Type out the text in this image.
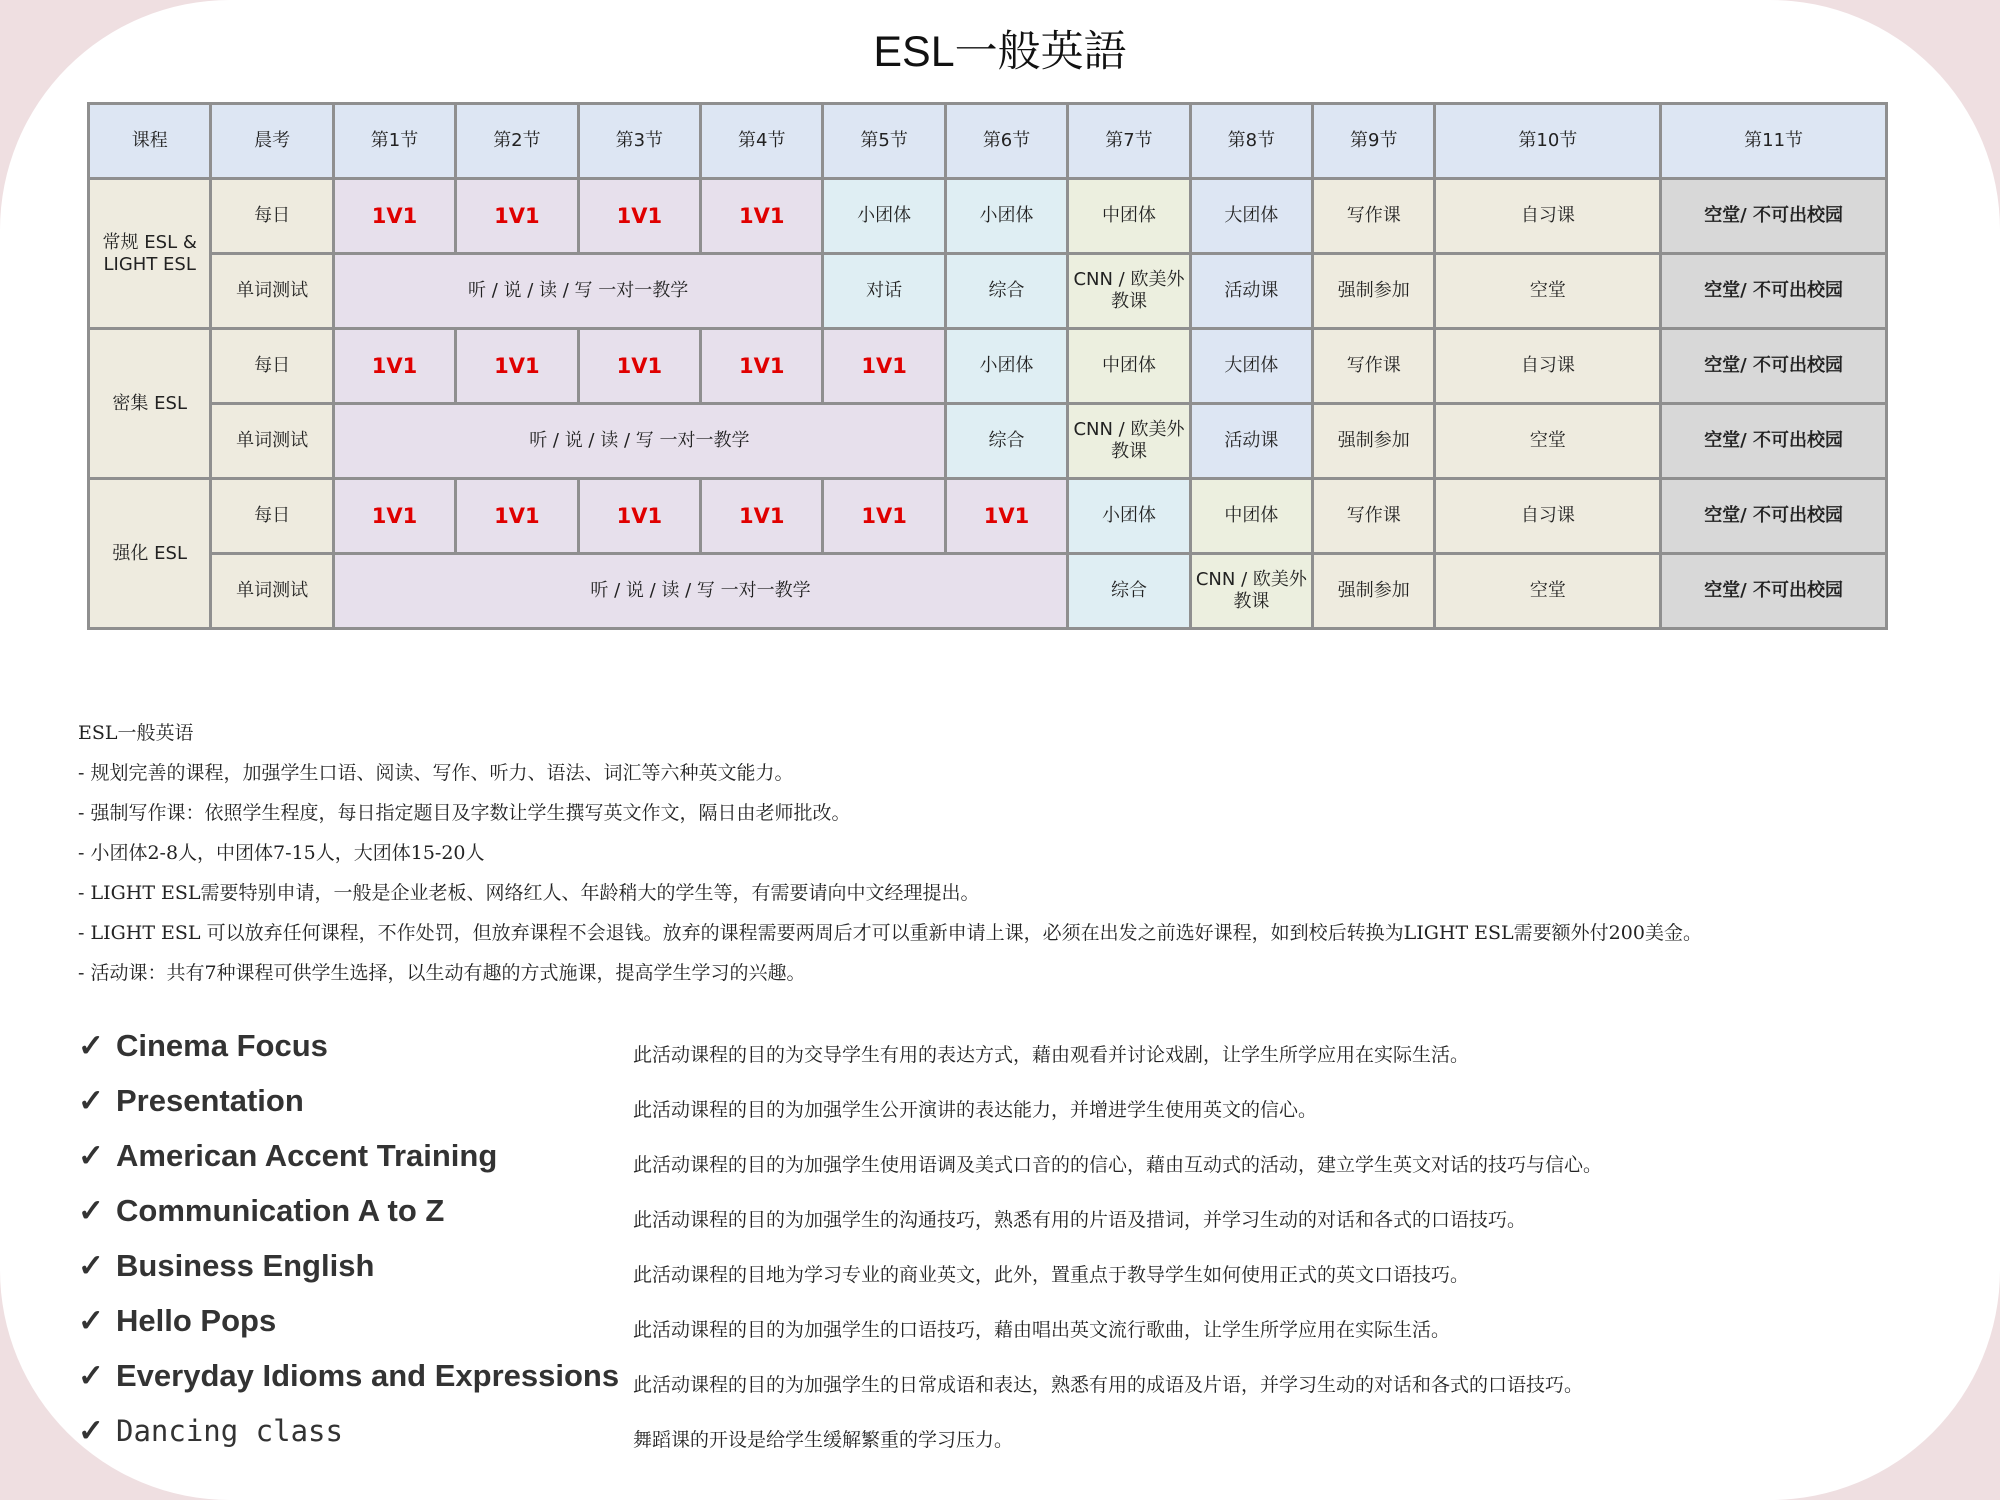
ESL一般英語
课程	晨考	第1节	第2节	第3节	第4节	第5节	第6节	第7节	第8节	第9节	第10节	第11节
常规 ESL &
LIGHT ESL	每日	1V1	1V1	1V1	1V1	小团体	小团体	中团体	大团体	写作课	自习课	空堂/ 不可出校园
	单词测试	听 / 说 / 读 / 写 一对一教学				对话	综合	CNN / 欧美外教课	活动课	强制参加	空堂	空堂/ 不可出校园
密集 ESL	每日	1V1	1V1	1V1	1V1	1V1	小团体	中团体	大团体	写作课	自习课	空堂/ 不可出校园
	单词测试	听 / 说 / 读 / 写 一对一教学					综合	CNN / 欧美外教课	活动课	强制参加	空堂	空堂/ 不可出校园
强化 ESL	每日	1V1	1V1	1V1	1V1	1V1	1V1	小团体	中团体	写作课	自习课	空堂/ 不可出校园
	单词测试	听 / 说 / 读 / 写 一对一教学						综合	CNN / 欧美外教课	强制参加	空堂	空堂/ 不可出校园

ESL一般英语

- 规划完善的课程，加强学生口语、阅读、写作、听力、语法、词汇等六种英文能力。

- 强制写作课：依照学生程度，每日指定题目及字数让学生撰写英文作文，隔日由老师批改。

- 小团体2-8人，中团体7-15人，大团体15-20人

- LIGHT ESL需要特别申请，一般是企业老板、网络红人、年龄稍大的学生等，有需要请向中文经理提出。

- LIGHT ESL 可以放弃任何课程，不作处罚，但放弃课程不会退钱。放弃的课程需要两周后才可以重新申请上课，必须在出发之前选好课程，如到校后转换为LIGHT ESL需要额外付200美金。

- 活动课：共有7种课程可供学生选择，以生动有趣的方式施课，提高学生学习的兴趣。

✓ Cinema Focus	此活动课程的目的为交导学生有用的表达方式，藉由观看并讨论戏剧，让学生所学应用在实际生活。
✓ Presentation	此活动课程的目的为加强学生公开演讲的表达能力，并增进学生使用英文的信心。
✓ American Accent Training	此活动课程的目的为加强学生使用语调及美式口音的的信心，藉由互动式的活动，建立学生英文对话的技巧与信心。
✓ Communication A to Z	此活动课程的目的为加强学生的沟通技巧，熟悉有用的片语及措词，并学习生动的对话和各式的口语技巧。
✓ Business English	此活动课程的目地为学习专业的商业英文，此外，置重点于教导学生如何使用正式的英文口语技巧。
✓ Hello Pops	此活动课程的目的为加强学生的口语技巧，藉由唱出英文流行歌曲，让学生所学应用在实际生活。
✓ Everyday Idioms and Expressions 此活动课程的目的为加强学生的日常成语和表达，熟悉有用的成语及片语，并学习生动的对话和各式的口语技巧。
✓ Dancing class	舞蹈课的开设是给学生缓解繁重的学习压力。
